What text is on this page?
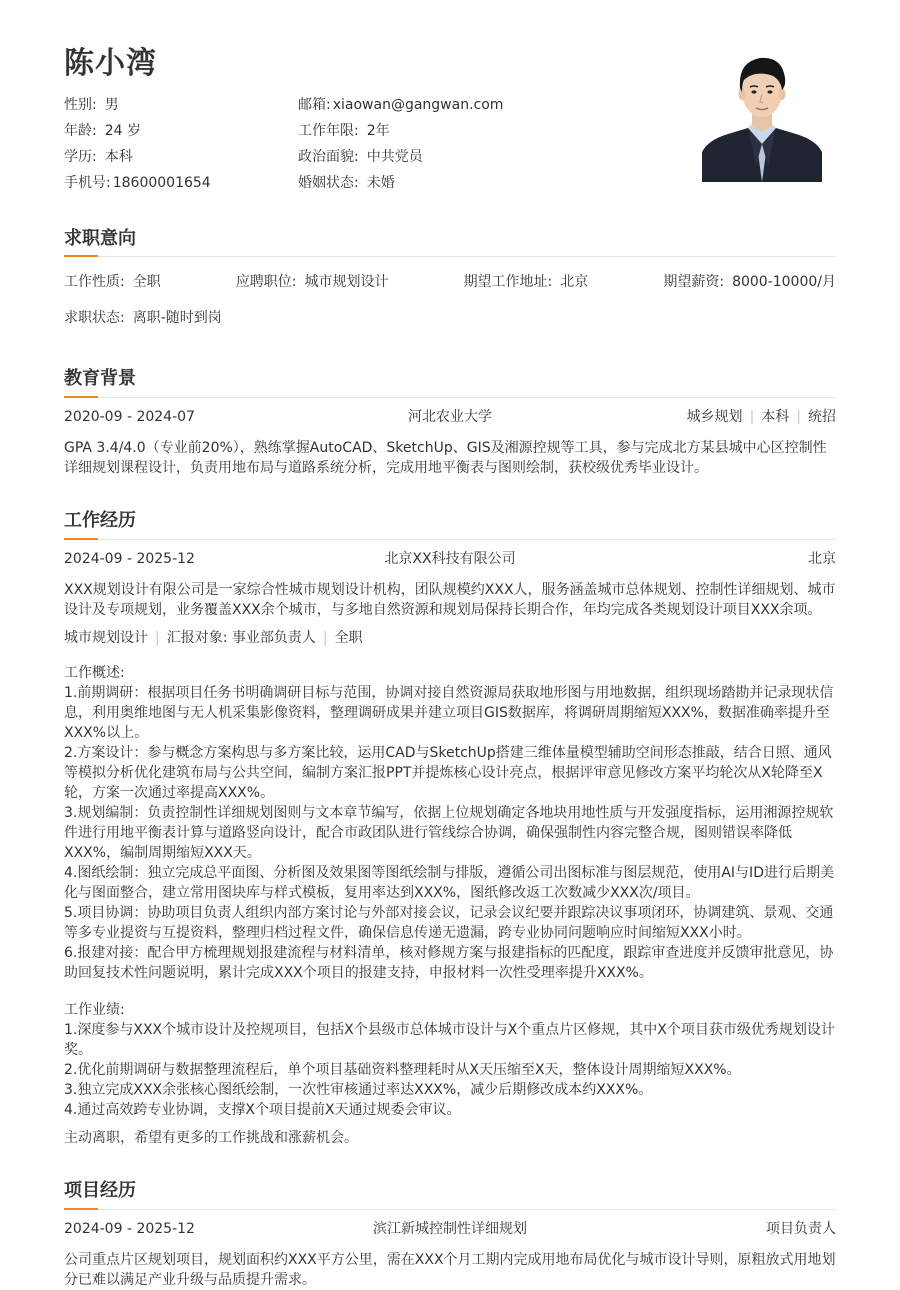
陈小湾
性别: 男	邮箱: xiaowan@gangwan.com
年龄: 24 岁	工作年限: 2年
学历: 本科	政治面貌: 中共党员
手机号: 18600001654	婚姻状态: 未婚
求职意向
工作性质: 全职	应聘职位: 城市规划设计	期望工作地址: 北京	期望薪资: 8000-10000/月
求职状态: 离职-随时到岗
教育背景
2020-09 - 2024-07	河北农业大学	城乡规划 | 本科 | 统招

GPA 3.4/4.0（专业前20%），熟练掌握AutoCAD、SketchUp、GIS及湘源控规等工具，参与完成北方某县城中心区控制性详细规划课程设计，负责用地布局与道路系统分析，完成用地平衡表与图则绘制，获校级优秀毕业设计。

工作经历
2024-09 - 2025-12	北京XX科技有限公司	北京

XXX规划设计有限公司是一家综合性城市规划设计机构，团队规模约XXX人，服务涵盖城市总体规划、控制性详细规划、城市设计及专项规划，业务覆盖XXX余个城市，与多地自然资源和规划局保持长期合作，年均完成各类规划设计项目XXX余项。

城市规划设计 | 汇报对象: 事业部负责人 | 全职
工作概述:
1.前期调研：根据项目任务书明确调研目标与范围，协调对接自然资源局获取地形图与用地数据，组织现场踏勘并记录现状信息，利用奥维地图与无人机采集影像资料，整理调研成果并建立项目GIS数据库，将调研周期缩短XXX%，数据准确率提升至XXX%以上。
2.方案设计：参与概念方案构思与多方案比较，运用CAD与SketchUp搭建三维体量模型辅助空间形态推敲，结合日照、通风等模拟分析优化建筑布局与公共空间，编制方案汇报PPT并提炼核心设计亮点，根据评审意见修改方案平均轮次从X轮降至X轮，方案一次通过率提高XXX%。
3.规划编制：负责控制性详细规划图则与文本章节编写，依据上位规划确定各地块用地性质与开发强度指标，运用湘源控规软件进行用地平衡表计算与道路竖向设计，配合市政团队进行管线综合协调，确保强制性内容完整合规，图则错误率降低XXX%，编制周期缩短XXX天。
4.图纸绘制：独立完成总平面图、分析图及效果图等图纸绘制与排版，遵循公司出图标准与图层规范，使用AI与ID进行后期美化与图面整合，建立常用图块库与样式模板，复用率达到XXX%，图纸修改返工次数减少XXX次/项目。
5.项目协调：协助项目负责人组织内部方案讨论与外部对接会议，记录会议纪要并跟踪决议事项闭环，协调建筑、景观、交通等多专业提资与互提资料，整理归档过程文件，确保信息传递无遗漏，跨专业协同问题响应时间缩短XXX小时。
6.报建对接：配合甲方梳理规划报建流程与材料清单，核对修规方案与报建指标的匹配度，跟踪审查进度并反馈审批意见，协助回复技术性问题说明，累计完成XXX个项目的报建支持，申报材料一次性受理率提升XXX%。
工作业绩:
1.深度参与XXX个城市设计及控规项目，包括X个县级市总体城市设计与X个重点片区修规，其中X个项目获市级优秀规划设计奖。
2.优化前期调研与数据整理流程后，单个项目基础资料整理耗时从X天压缩至X天，整体设计周期缩短XXX%。
3.独立完成XXX余张核心图纸绘制，一次性审核通过率达XXX%，减少后期修改成本约XXX%。
4.通过高效跨专业协调，支撑X个项目提前X天通过规委会审议。

主动离职，希望有更多的工作挑战和涨薪机会。

项目经历
2024-09 - 2025-12	滨江新城控制性详细规划	项目负责人

公司重点片区规划项目，规划面积约XXX平方公里，需在XXX个月工期内完成用地布局优化与城市设计导则，原粗放式用地划分已难以满足产业升级与品质提升需求。
